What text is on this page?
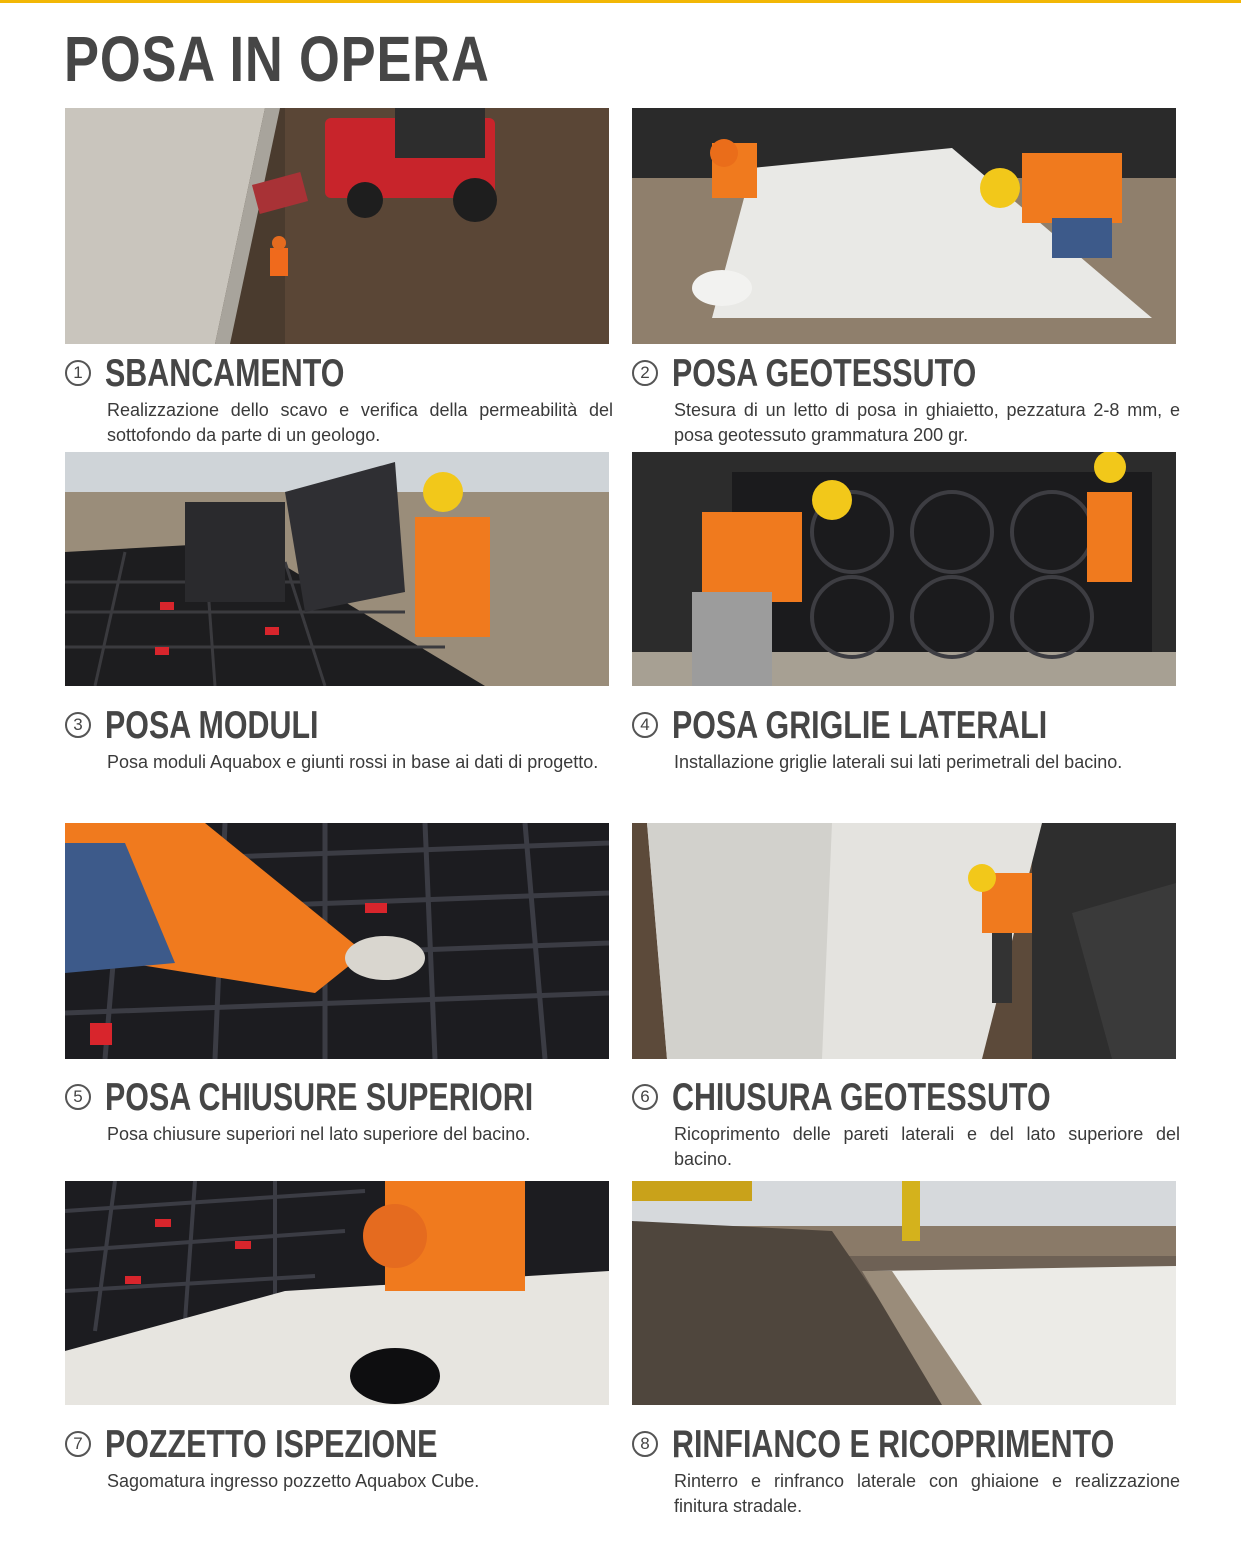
POSA IN OPERA
1 SBANCAMENTO

Realizzazione dello scavo e verifica della permeabilità del sottofondo da parte di un geologo.

2 POSA GEOTESSUTO

Stesura di un letto di posa in ghiaietto, pezzatura 2-8 mm, e posa geotessuto grammatura 200 gr.

3 POSA MODULI

Posa moduli Aquabox e giunti rossi in base ai dati di progetto.

4 POSA GRIGLIE LATERALI

Installazione griglie laterali sui lati perimetrali del bacino.

5 POSA CHIUSURE SUPERIORI

Posa chiusure superiori nel lato superiore del bacino.

6 CHIUSURA GEOTESSUTO

Ricoprimento delle pareti laterali e del lato superiore del bacino.

7 POZZETTO ISPEZIONE

Sagomatura ingresso pozzetto Aquabox Cube.

8 RINFIANCO E RICOPRIMENTO

Rinterro e rinfranco laterale con ghiaione e realizzazione finitura stradale.
